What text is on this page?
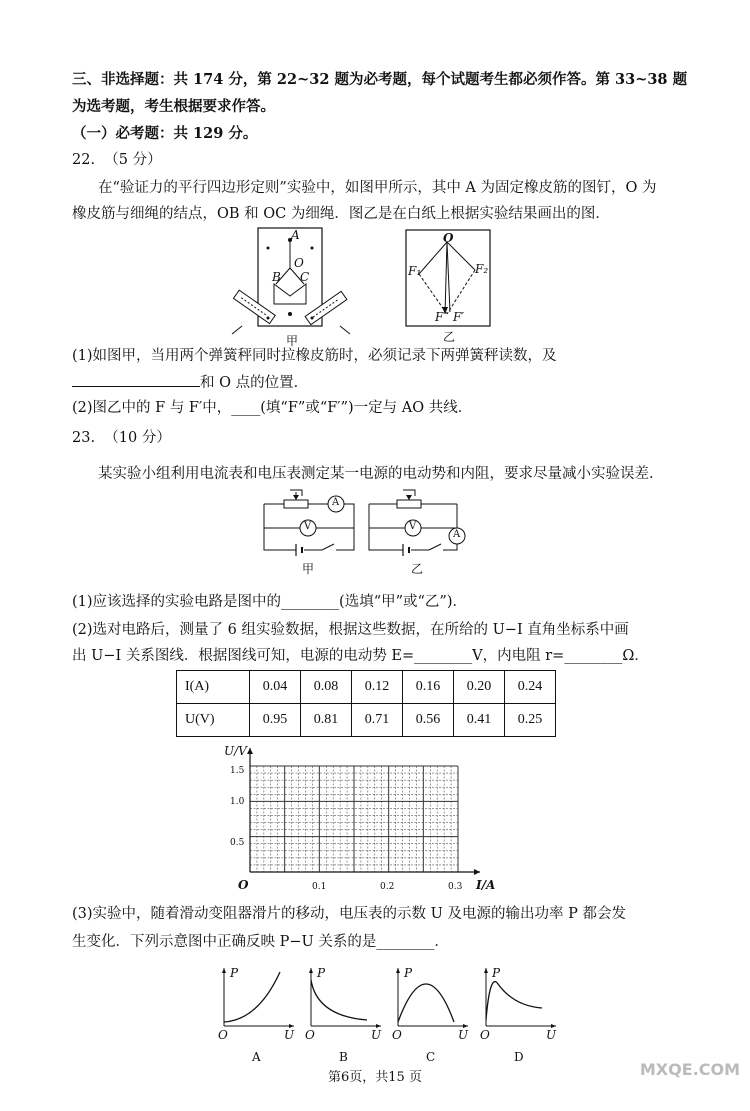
三、非选择题：共 174 分，第 22~32 题为必考题，每个试题考生都必须作答。第 33~38 题
为选考题，考生根据要求作答。
（一）必考题：共 129 分。
22. （5 分）
在“验证力的平行四边形定则”实验中，如图甲所示，其中 A 为固定橡皮筋的图钉，O 为
橡皮筋与细绳的结点，OB 和 OC 为细绳．图乙是在白纸上根据实验结果画出的图．
A
O
B C
甲
O
F₁	F₂
F F′
乙
(1)如图甲，当用两个弹簧秤同时拉橡皮筋时，必须记录下两弹簧秤读数，及
和 O 点的位置．
(2)图乙中的 F 与 F′中，____(填“F”或“F′”)一定与 AO 共线．
23. （10 分）
某实验小组利用电流表和电压表测定某一电源的电动势和内阻，要求尽量减小实验误差．
A
V
甲
A
V
乙
(1)应该选择的实验电路是图中的________(选填“甲”或“乙”)．
(2)选对电路后，测量了 6 组实验数据，根据这些数据，在所给的 U−I 直角坐标系中画
出 U−I 关系图线．根据图线可知，电源的电动势 E=________V，内电阻 r=________Ω．
I(A)	0.04	0.08	0.12	0.16	0.20	0.24
U(V)	0.95	0.81	0.71	0.56	0.41	0.25
U/V
I/A
O
1.5
1.0
0.5
0.1	0.2	0.3
(3)实验中，随着滑动变阻器滑片的移动，电压表的示数 U 及电源的输出功率 P 都会发
生变化．下列示意图中正确反映 P−U 关系的是________．
P
U
O
A
P
U
O
B
P
U
O
C
P
U
O
D
第6页，共15 页	MXQE.COM
